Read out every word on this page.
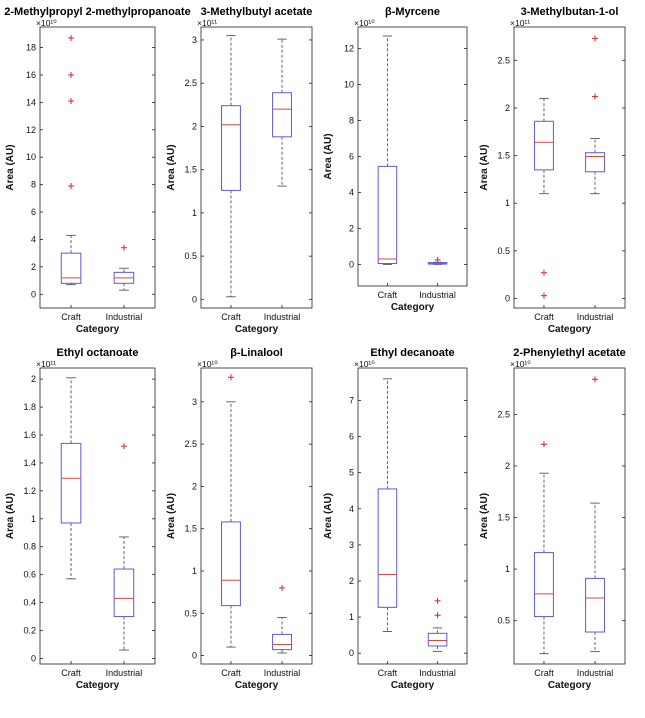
2-Methylpropyl 2-methylpropanoate
×10¹⁰
0
2
4
6
8
10
12
14
16
18
Craft	Industrial
Category
Area (AU)
3-Methylbutyl acetate
×10¹¹
0
0.5
1
1.5
2
2.5
3
Craft	Industrial
Category
Area (AU)
β-Myrcene
×10¹⁰
0
2
4
6
8
10
12
Craft Industrial
Category
Area (AU)
3-Methylbutan-1-ol
×10¹¹
0
0.5
1
1.5
2
2.5
Craft	Industrial
Category
Area (AU)
Ethyl octanoate
×10¹¹
0
0.2
0.4
0.6
0.8
1
1.2
1.4
1.6
1.8
2
Craft	Industrial
Category
Area (AU)
β-Linalool
×10¹⁰
0
0.5
1
1.5
2
2.5
3
Craft	Industrial
Category
Area (AU)
Ethyl decanoate
×10¹⁰
0
1
2
3
4
5
6
7
Craft Industrial
Category
Area (AU)
2-Phenylethyl acetate
×10¹⁰
0.5
1
1.5
2
2.5
Craft	Industrial
Category
Area (AU)
